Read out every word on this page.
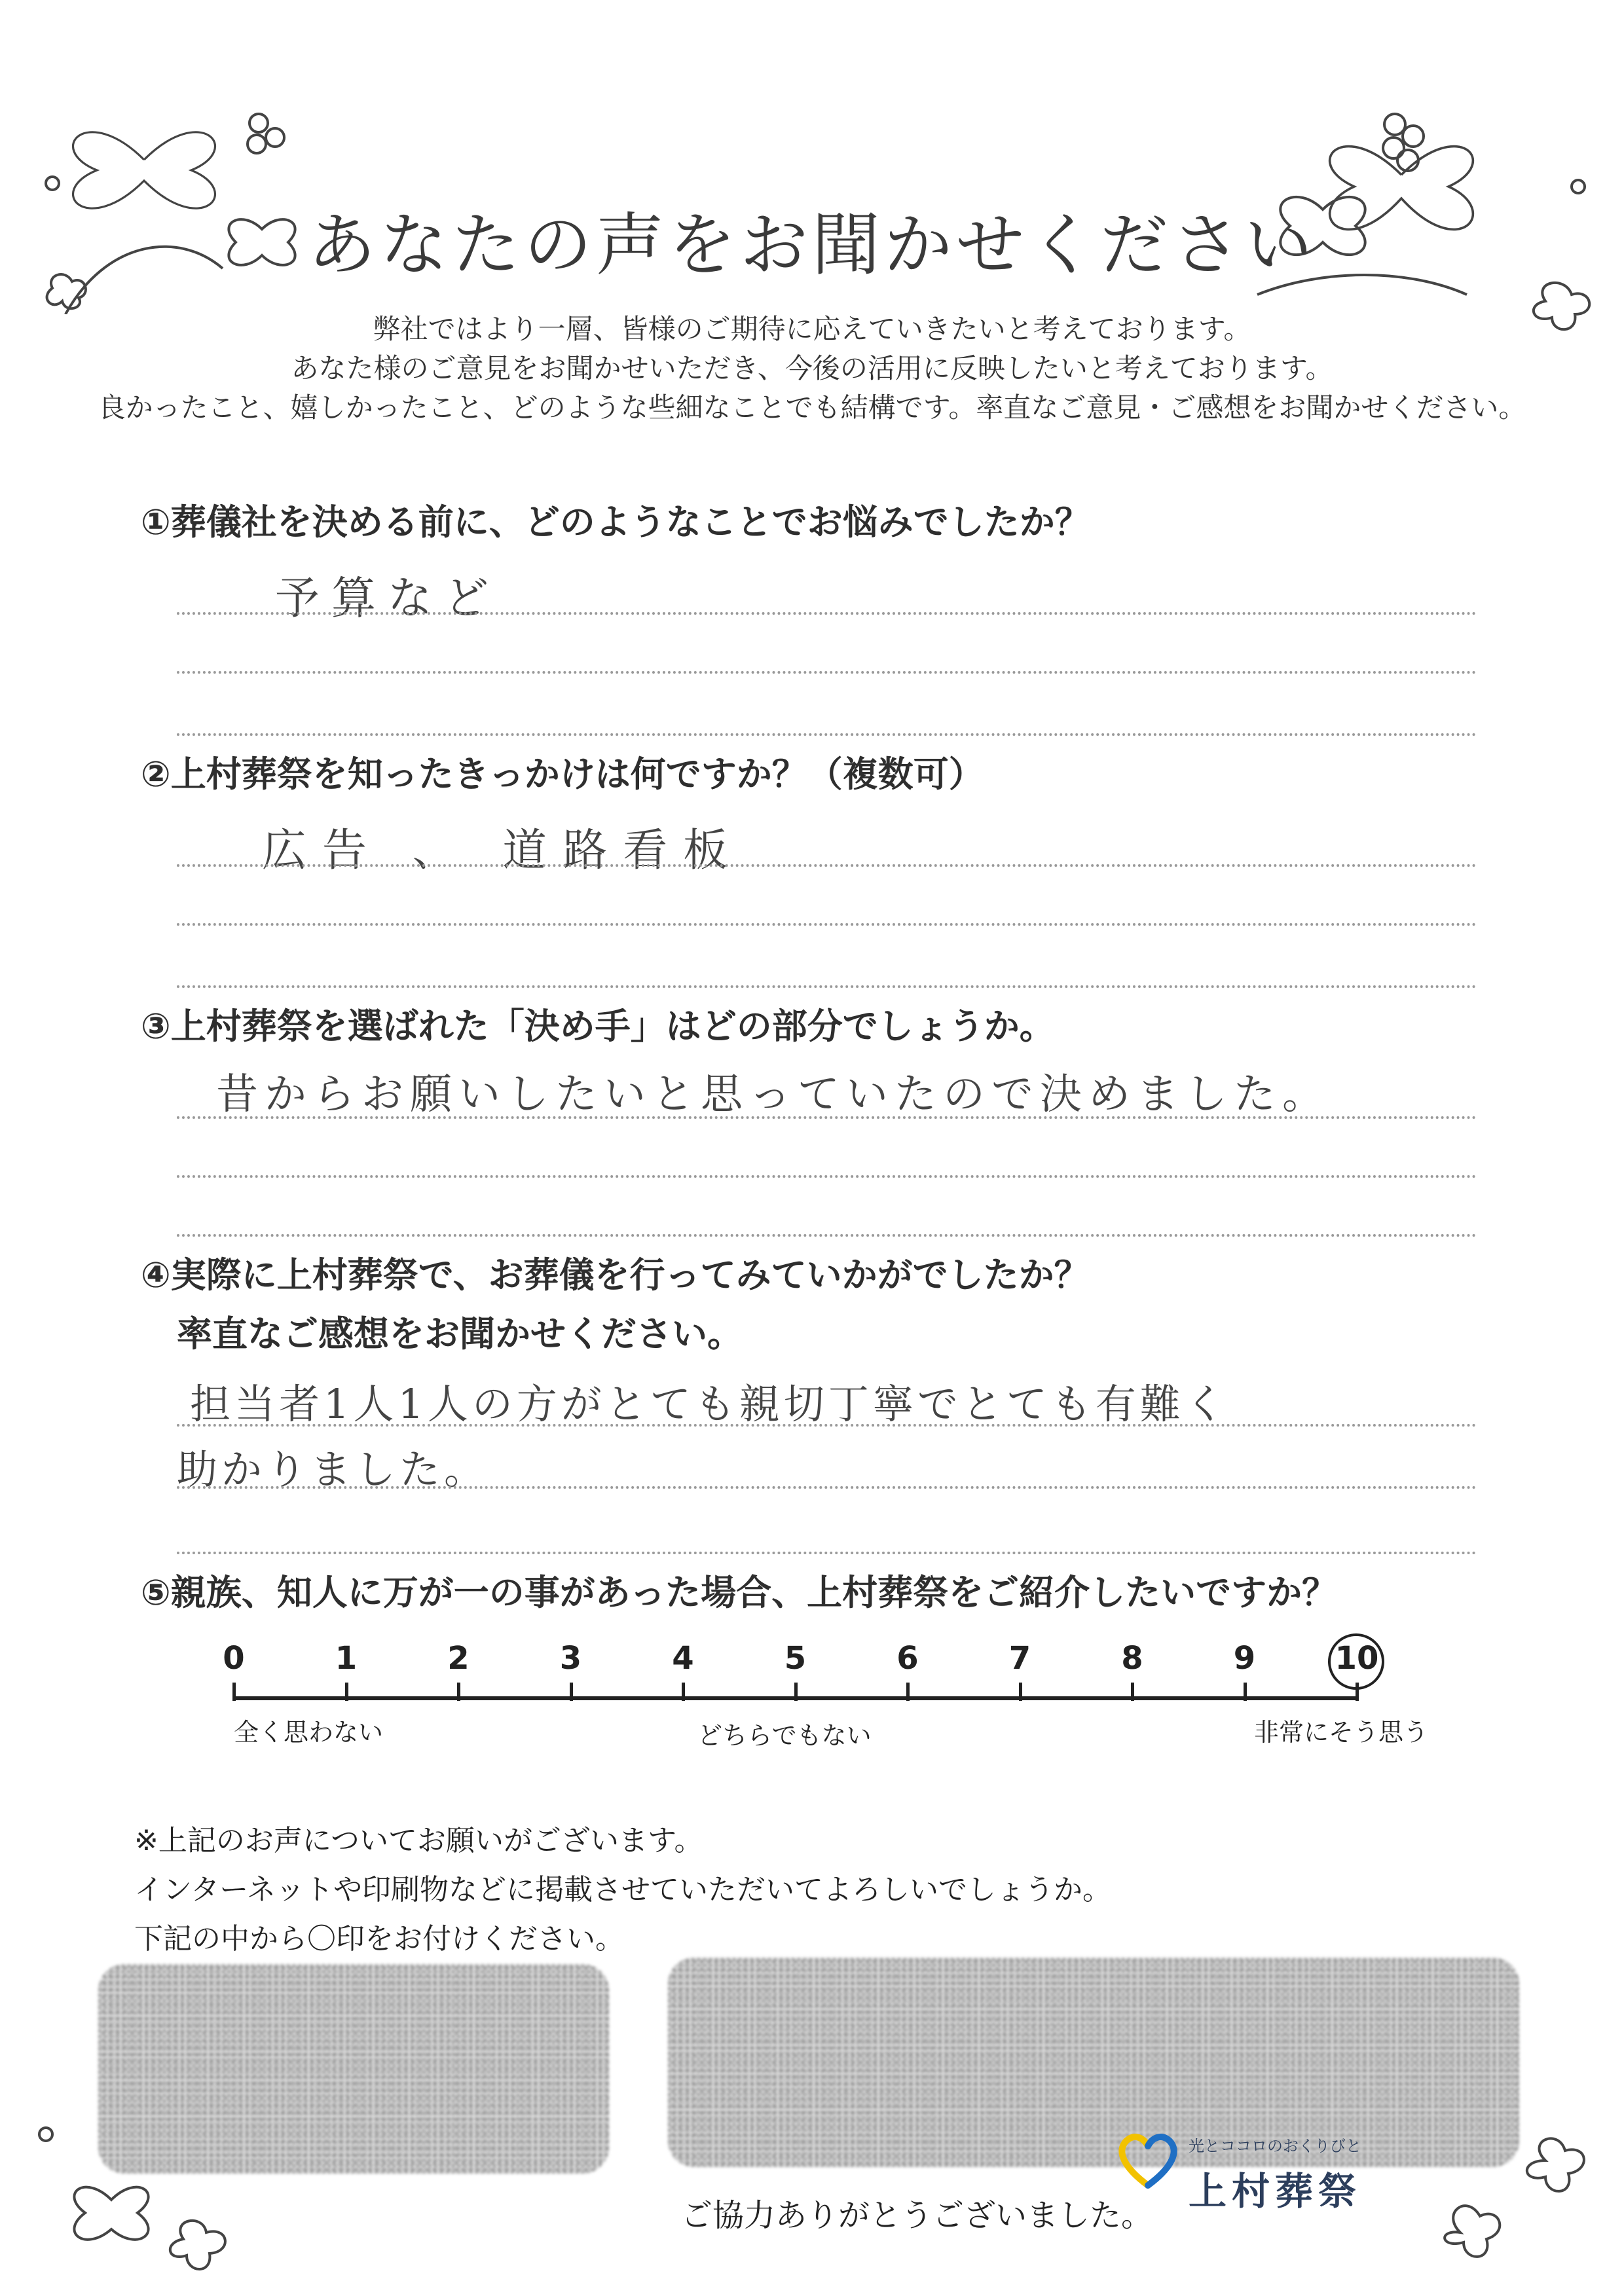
あなたの声をお聞かせください
弊社ではより一層、皆様のご期待に応えていきたいと考えております。
あなた様のご意見をお聞かせいただき、今後の活用に反映したいと考えております。
良かったこと、嬉しかったこと、どのような些細なことでも結構です。率直なご意見・ご感想をお聞かせください。
①葬儀社を決める前に、どのようなことでお悩みでしたか？
予算など
②上村葬祭を知ったきっかけは何ですか？（複数可）
広告 、 道路看板
③上村葬祭を選ばれた「決め手」はどの部分でしょうか。
昔からお願いしたいと思っていたので決めました。
④実際に上村葬祭で、お葬儀を行ってみていかがでしたか？
率直なご感想をお聞かせください。
担当者1人1人の方がとても親切丁寧でとても有難く
助かりました。
⑤親族、知人に万が一の事があった場合、上村葬祭をご紹介したいですか？
0	1	2	3	4	5	6	7	8	9	10
全く思わない	どちらでもない	非常にそう思う
※上記のお声についてお願いがございます。
インターネットや印刷物などに掲載させていただいてよろしいでしょうか。
下記の中から〇印をお付けください。
ご協力ありがとうございました。
光とココロのおくりびと
上村葬祭
